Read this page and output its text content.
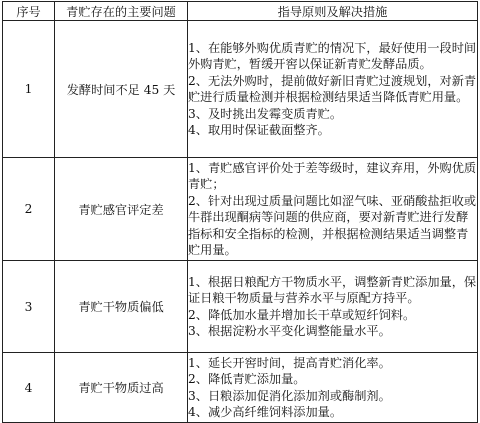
序号	青贮存在的主要问题	指导原则及解决措施
1	发酵时间不足 45 天	1、在能够外购优质青贮的情况下，最好使用一段时间外购青贮，暂缓开窖以保证新青贮发酵品质。
2、无法外购时，提前做好新旧青贮过渡规划，对新青贮进行质量检测并根据检测结果适当降低青贮用量。
3、及时挑出发霉变质青贮。
4、取用时保证截面整齐。

2	青贮感官评定差	1、青贮感官评价处于差等级时，建议弃用，外购优质青贮；
2、针对出现过质量问题比如涩气味、亚硝酸盐拒收或牛群出现酮病等问题的供应商，要对新青贮进行发酵指标和安全指标的检测，并根据检测结果适当调整青贮用量。

3	青贮干物质偏低	1、根据日粮配方干物质水平，调整新青贮添加量，保证日粮干物质量与营养水平与原配方持平。
2、降低加水量并增加长干草或短纤饲料。
3、根据淀粉水平变化调整能量水平。

4	青贮干物质过高	1、延长开窖时间，提高青贮消化率。
2、降低青贮添加量。
3、日粮添加促消化添加剂或酶制剂。
4、减少高纤维饲料添加量。
